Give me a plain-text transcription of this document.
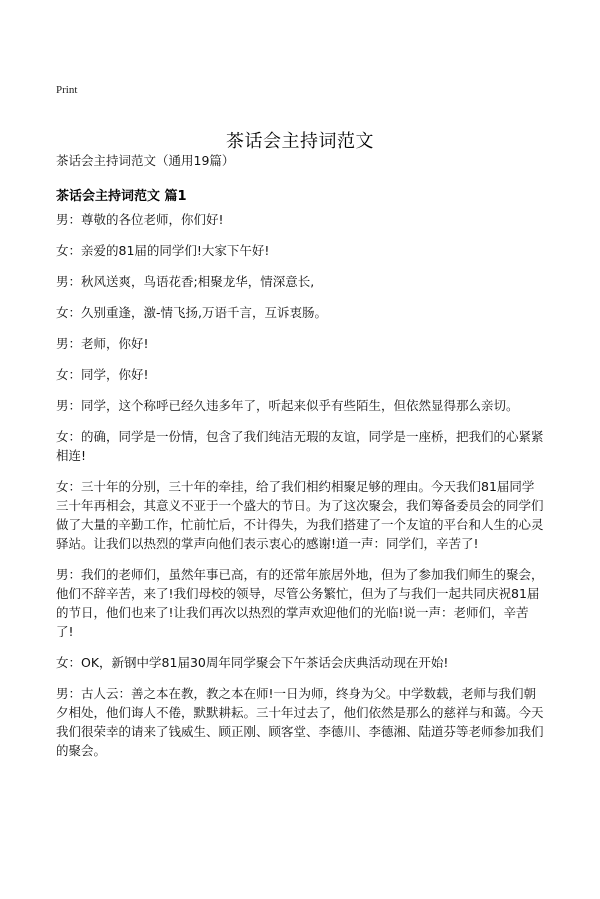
Print
茶话会主持词范文
茶话会主持词范文（通用19篇）
茶话会主持词范文 篇1

男：尊敬的各位老师，你们好!

女：亲爱的81届的同学们!大家下午好!

男：秋风送爽，鸟语花香;相聚龙华，情深意长,

女：久别重逢，激-情飞扬,万语千言，互诉衷肠。

男：老师，你好!

女：同学，你好!

男：同学，这个称呼已经久违多年了，听起来似乎有些陌生，但依然显得那么亲切。

女：的确，同学是一份情，包含了我们纯洁无瑕的友谊，同学是一座桥，把我们的心紧紧相连!

女：三十年的分别，三十年的牵挂，给了我们相约相聚足够的理由。今天我们81届同学三十年再相会，其意义不亚于一个盛大的节日。为了这次聚会，我们筹备委员会的同学们做了大量的辛勤工作，忙前忙后，不计得失，为我们搭建了一个友谊的平台和人生的心灵驿站。让我们以热烈的掌声向他们表示衷心的感谢!道一声：同学们，辛苦了!

男：我们的老师们，虽然年事已高，有的还常年旅居外地，但为了参加我们师生的聚会，他们不辞辛苦，来了!我们母校的领导，尽管公务繁忙，但为了与我们一起共同庆祝81届的节日，他们也来了!让我们再次以热烈的掌声欢迎他们的光临!说一声：老师们，辛苦了!

女：OK，新钢中学81届30周年同学聚会下午茶话会庆典活动现在开始!

男：古人云：善之本在教，教之本在师!一日为师，终身为父。中学数载，老师与我们朝夕相处，他们诲人不倦，默默耕耘。三十年过去了，他们依然是那么的慈祥与和蔼。今天我们很荣幸的请来了钱威生、顾正刚、顾客堂、李德川、李德湘、陆道芬等老师参加我们的聚会。
